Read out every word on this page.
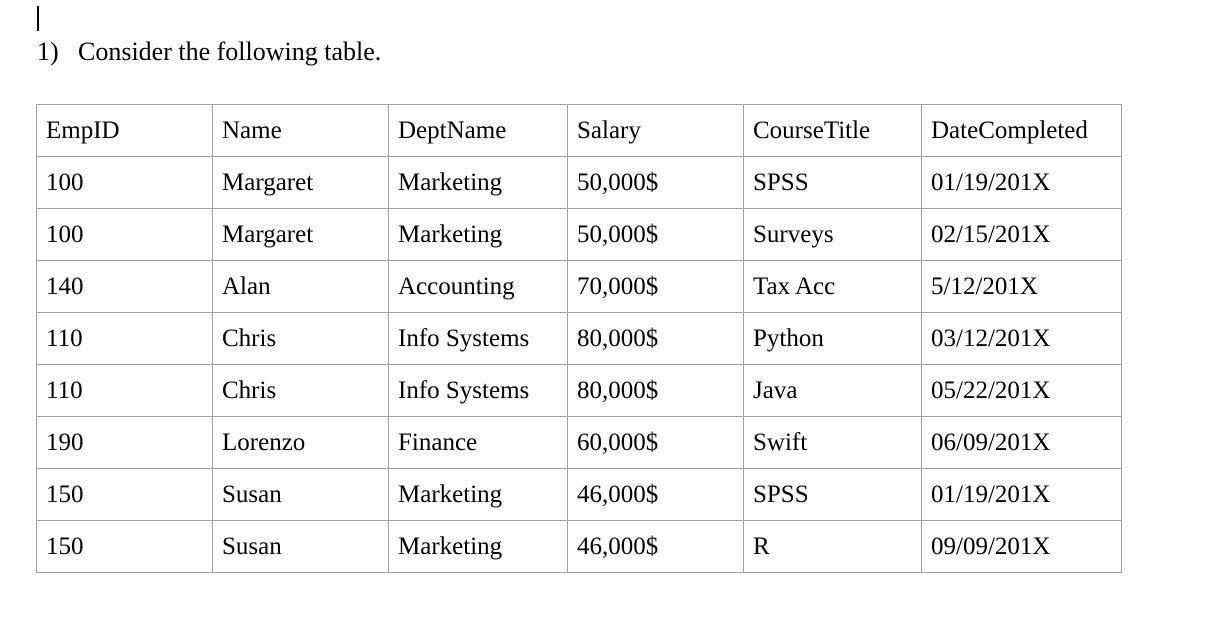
1) Consider the following table.
EmpID	Name	DeptName	Salary	CourseTitle	DateCompleted
100	Margaret	Marketing	50,000$	SPSS	01/19/201X
100	Margaret	Marketing	50,000$	Surveys	02/15/201X
140	Alan	Accounting	70,000$	Tax Acc	5/12/201X
110	Chris	Info Systems	80,000$	Python	03/12/201X
110	Chris	Info Systems	80,000$	Java	05/22/201X
190	Lorenzo	Finance	60,000$	Swift	06/09/201X
150	Susan	Marketing	46,000$	SPSS	01/19/201X
150	Susan	Marketing	46,000$	R	09/09/201X
